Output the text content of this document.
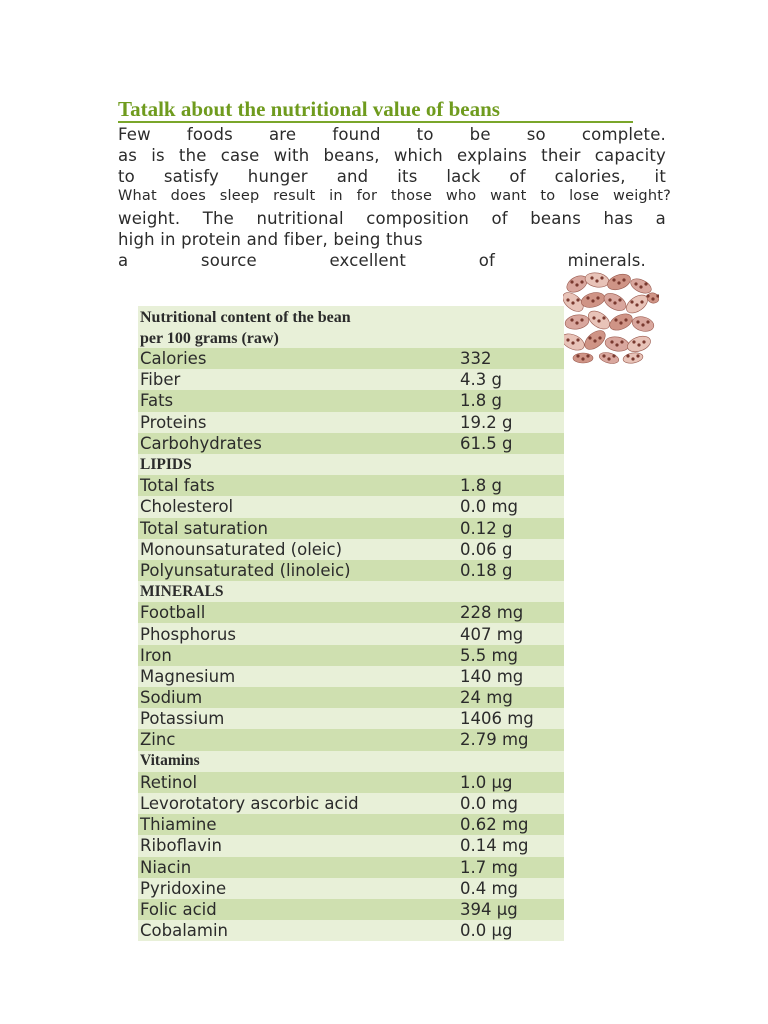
Tatalk about the nutritional value of beans
Few foods are found to be so complete.
as is the case with beans, which explains their capacity
to satisfy hunger and its lack of calories, it
What does sleep result in for those who want to lose weight?
weight. The nutritional composition of beans has a
high in protein and fiber, being thus
a	source	excellent	of	minerals.
Nutritional content of the bean
per 100 grams (raw)
Calories	332
Fiber	4.3 g
Fats	1.8 g
Proteins	19.2 g
Carbohydrates	61.5 g
LIPIDS
Total fats	1.8 g
Cholesterol	0.0 mg
Total saturation	0.12 g
Monounsaturated (oleic)	0.06 g
Polyunsaturated (linoleic)	0.18 g
MINERALS
Football	228 mg
Phosphorus	407 mg
Iron	5.5 mg
Magnesium	140 mg
Sodium	24 mg
Potassium	1406 mg
Zinc	2.79 mg
Vitamins
Retinol	1.0 µg
Levorotatory ascorbic acid	0.0 mg
Thiamine	0.62 mg
Riboflavin	0.14 mg
Niacin	1.7 mg
Pyridoxine	0.4 mg
Folic acid	394 µg
Cobalamin	0.0 µg
